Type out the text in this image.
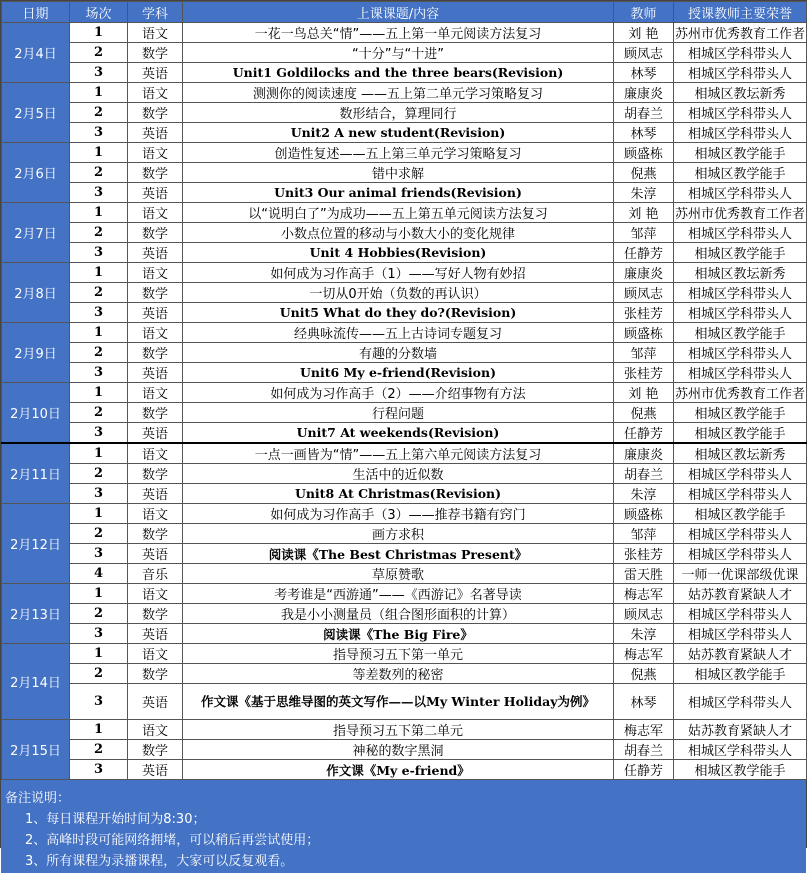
日期	场次	学科	上课课题/内容	教师	授课教师主要荣誉
2月4日	1	语文	一花一鸟总关“情”——五上第一单元阅读方法复习	刘 艳	苏州市优秀教育工作者
	2	数学	“十分”与“十进”	顾凤志	相城区学科带头人
	3	英语	Unit1 Goldilocks and the three bears(Revision)	林琴	相城区学科带头人
2月5日	1	语文	测测你的阅读速度 ——五上第二单元学习策略复习	廉康炎	相城区教坛新秀
	2	数学	数形结合，算理同行	胡春兰	相城区学科带头人
	3	英语	Unit2 A new student(Revision)	林琴	相城区学科带头人
2月6日	1	语文	创造性复述——五上第三单元学习策略复习	顾盛栋	相城区教学能手
	2	数学	错中求解	倪燕	相城区教学能手
	3	英语	Unit3 Our animal friends(Revision)	朱淳	相城区学科带头人
2月7日	1	语文	以“说明白了”为成功——五上第五单元阅读方法复习	刘 艳	苏州市优秀教育工作者
	2	数学	小数点位置的移动与小数大小的变化规律	邹萍	相城区学科带头人
	3	英语	Unit 4 Hobbies(Revision)	任静芳	相城区教学能手
2月8日	1	语文	如何成为习作高手（1）——写好人物有妙招	廉康炎	相城区教坛新秀
	2	数学	一切从0开始（负数的再认识）	顾凤志	相城区学科带头人
	3	英语	Unit5 What do they do?(Revision)	张桂芳	相城区学科带头人
2月9日	1	语文	经典咏流传——五上古诗词专题复习	顾盛栋	相城区教学能手
	2	数学	有趣的分数墙	邹萍	相城区学科带头人
	3	英语	Unit6 My e-friend(Revision)	张桂芳	相城区学科带头人
2月10日	1	语文	如何成为习作高手（2）——介绍事物有方法	刘 艳	苏州市优秀教育工作者
	2	数学	行程问题	倪燕	相城区教学能手
	3	英语	Unit7 At weekends(Revision)	任静芳	相城区教学能手
2月11日	1	语文	一点一画皆为“情”——五上第六单元阅读方法复习	廉康炎	相城区教坛新秀
	2	数学	生活中的近似数	胡春兰	相城区学科带头人
	3	英语	Unit8 At Christmas(Revision)	朱淳	相城区学科带头人
2月12日	1	语文	如何成为习作高手（3）——推荐书籍有窍门	顾盛栋	相城区教学能手
	2	数学	画方求积	邹萍	相城区学科带头人
	3	英语	阅读课《The Best Christmas Present》	张桂芳	相城区学科带头人
	4	音乐	草原赞歌	雷天胜	一师一优课部级优课
2月13日	1	语文	考考谁是“西游通”——《西游记》名著导读	梅志军	姑苏教育紧缺人才
	2	数学	我是小小测量员（组合图形面积的计算）	顾凤志	相城区学科带头人
	3	英语	阅读课《The Big Fire》	朱淳	相城区学科带头人
2月14日	1	语文	指导预习五下第一单元	梅志军	姑苏教育紧缺人才
	2	数学	等差数列的秘密	倪燕	相城区教学能手
	3	英语	作文课《基于思维导图的英文写作——以My Winter Holiday为例》	林琴	相城区学科带头人
2月15日	1	语文	指导预习五下第二单元	梅志军	姑苏教育紧缺人才
	2	数学	神秘的数字黑洞	胡春兰	相城区学科带头人
	3	英语	作文课《My e-friend》	任静芳	相城区教学能手
备注说明：
1、每日课程开始时间为8:30；
2、高峰时段可能网络拥堵，可以稍后再尝试使用；
3、所有课程为录播课程，大家可以反复观看。
